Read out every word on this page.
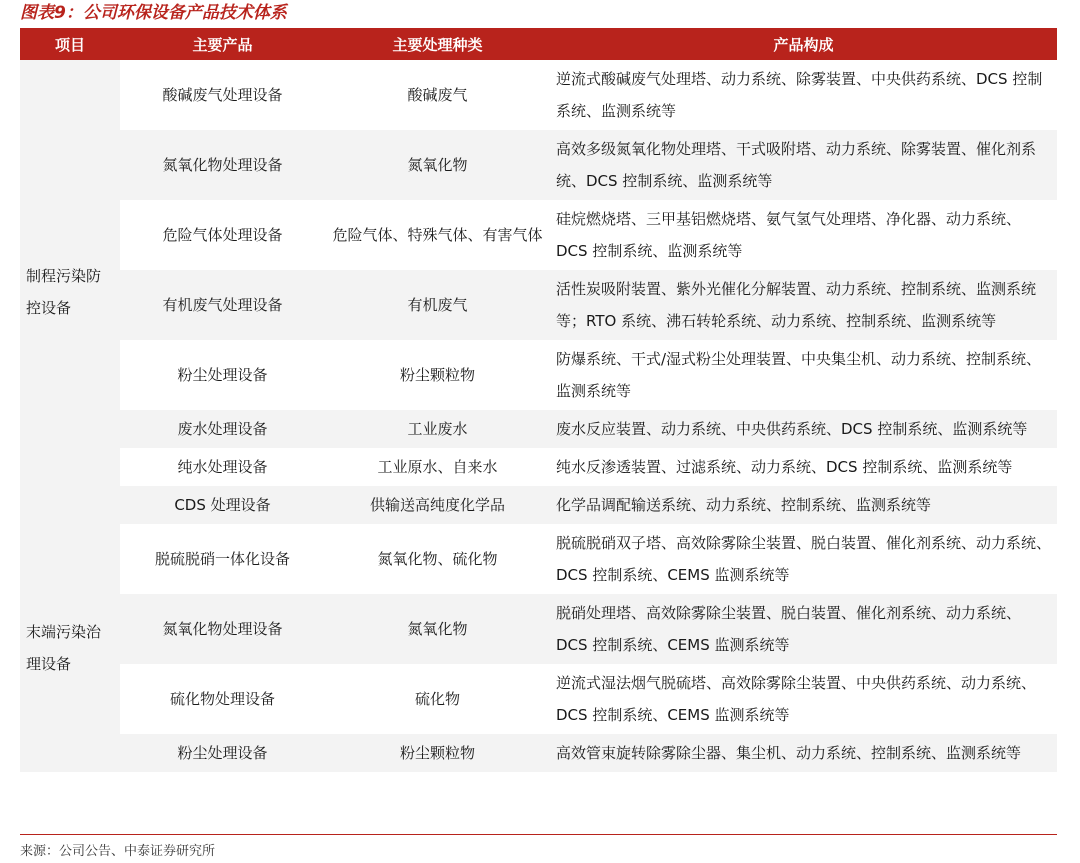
图表9：公司环保设备产品技术体系
项目	主要产品	主要处理种类	产品构成
制程污染防控设备	酸碱废气处理设备	酸碱废气	逆流式酸碱废气处理塔、动力系统、除雾装置、中央供药系统、DCS 控制系统、监测系统等
	氮氧化物处理设备	氮氧化物	高效多级氮氧化物处理塔、干式吸附塔、动力系统、除雾装置、催化剂系统、DCS 控制系统、监测系统等
	危险气体处理设备	危险气体、特殊气体、有害气体	硅烷燃烧塔、三甲基铝燃烧塔、氨气氢气处理塔、净化器、动力系统、DCS 控制系统、监测系统等
	有机废气处理设备	有机废气	活性炭吸附装置、紫外光催化分解装置、动力系统、控制系统、监测系统等；RTO 系统、沸石转轮系统、动力系统、控制系统、监测系统等
	粉尘处理设备	粉尘颗粒物	防爆系统、干式/湿式粉尘处理装置、中央集尘机、动力系统、控制系统、监测系统等
	废水处理设备	工业废水	废水反应装置、动力系统、中央供药系统、DCS 控制系统、监测系统等
	纯水处理设备	工业原水、自来水	纯水反渗透装置、过滤系统、动力系统、DCS 控制系统、监测系统等
	CDS 处理设备	供输送高纯度化学品	化学品调配输送系统、动力系统、控制系统、监测系统等
末端污染治理设备	脱硫脱硝一体化设备	氮氧化物、硫化物	脱硫脱硝双子塔、高效除雾除尘装置、脱白装置、催化剂系统、动力系统、DCS 控制系统、CEMS 监测系统等
	氮氧化物处理设备	氮氧化物	脱硝处理塔、高效除雾除尘装置、脱白装置、催化剂系统、动力系统、DCS 控制系统、CEMS 监测系统等
	硫化物处理设备	硫化物	逆流式湿法烟气脱硫塔、高效除雾除尘装置、中央供药系统、动力系统、DCS 控制系统、CEMS 监测系统等
	粉尘处理设备	粉尘颗粒物	高效管束旋转除雾除尘器、集尘机、动力系统、控制系统、监测系统等
来源：公司公告、中泰证券研究所
